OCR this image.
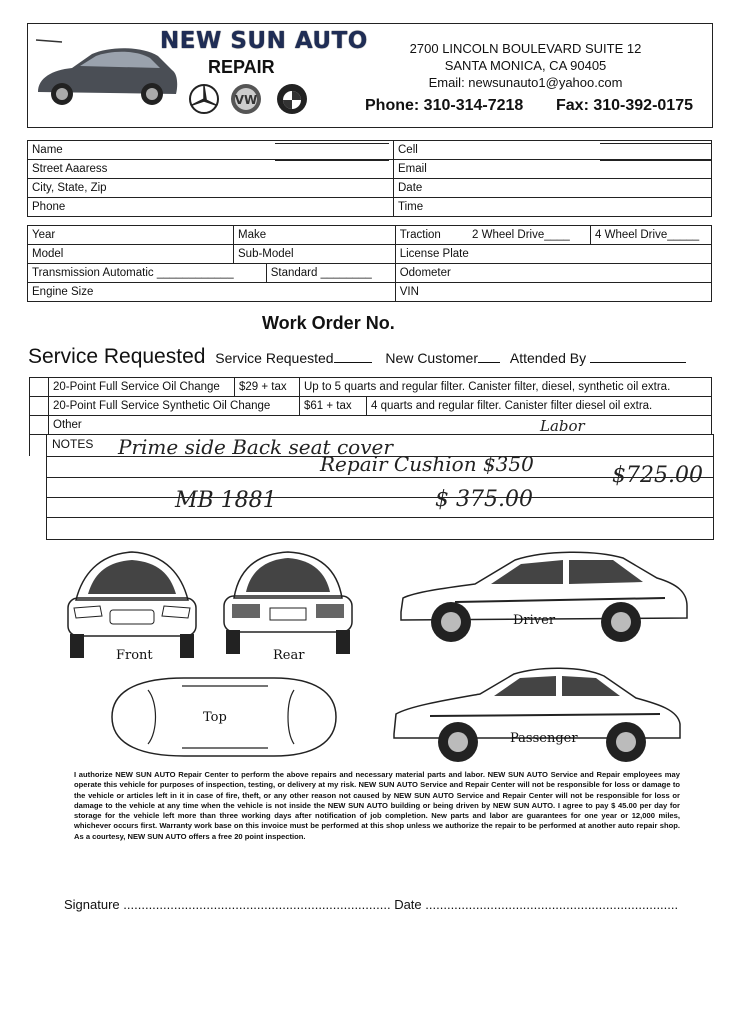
NEW SUN AUTO
REPAIR
VW
2700 LINCOLN BOULEVARD SUITE 12
SANTA MONICA, CA 90405
Email: newsunauto1@yahoo.com
Phone: 310-314-7218 Fax: 310-392-0175
Name	Cell
Street Aaaress	Email
City, State, Zip	Date
Phone	Time
Year	Make		Traction 2 Wheel Drive____	4 Wheel Drive_____
Model	Sub-Model		License Plate	
Transmission Automatic ____________		Standard ________	Odometer	
Engine Size			VIN	
Work Order No.
Service Requested Service Requested	New Customer Attended By
	20-Point Full Service Oil Change	$29 + tax	Up to 5 quarts and regular filter. Canister filter, diesel, synthetic oil extra.	
	20-Point Full Service Synthetic Oil Change		$61 + tax	4 quarts and regular filter. Canister filter diesel oil extra.
	Other			
NOTES
Labor
Prime side Back seat cover
Repair Cushion $350	$725.00
MB 1881	$ 375.00
Front	Rear
Driver
Top
Passenger
I authorize NEW SUN AUTO Repair Center to perform the above repairs and necessary material parts and labor. NEW SUN AUTO Service and Repair employees may operate this vehicle for purposes of inspection, testing, or delivery at my risk. NEW SUN AUTO Service and Repair Center will not be responsible for loss or damage to the vehicle or articles left in it in case of fire, theft, or any other reason not caused by NEW SUN AUTO Service and Repair Center will not be responsible for loss or damage to the vehicle at any time when the vehicle is not inside the NEW SUN AUTO building or being driven by NEW SUN AUTO. I agree to pay $ 45.00 per day for storage for the vehicle left more than three working days after notification of job completion. New parts and labor are guarantees for one year or 12,000 miles, whichever occurs first. Warranty work base on this invoice must be performed at this shop unless we authorize the repair to be performed at another auto repair shop. As a courtesy, NEW SUN AUTO offers a free 20 point inspection.
Signature .......................................................................... Date ......................................................................
